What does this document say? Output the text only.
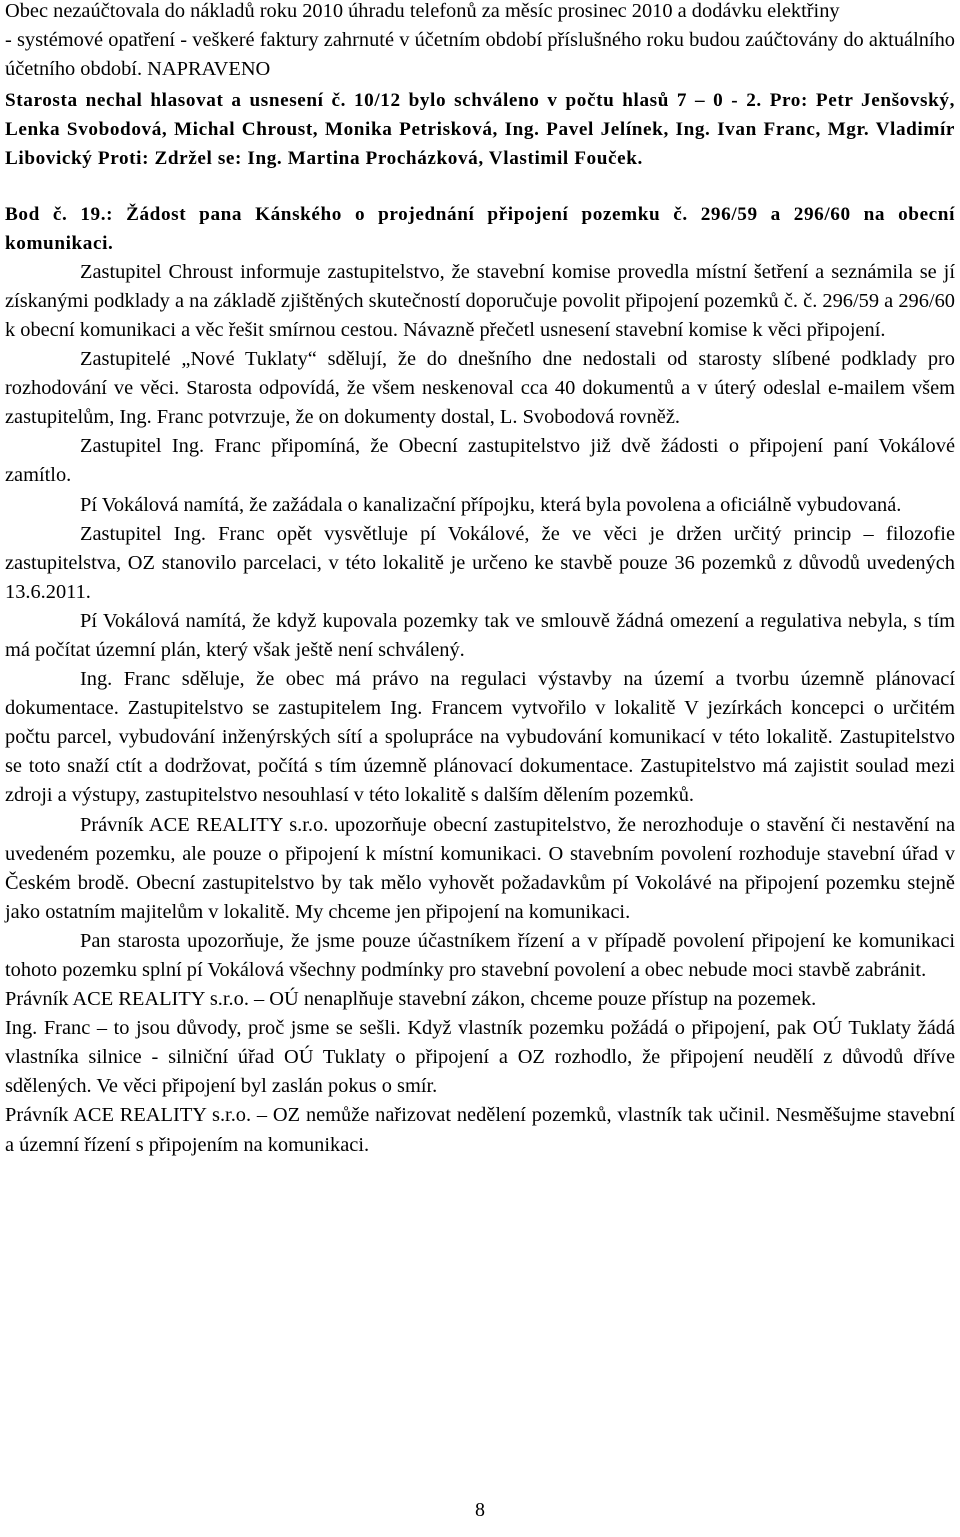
Obec nezaúčtovala do nákladů roku 2010 úhradu telefonů za měsíc prosinec 2010 a dodávku elektřiny

- systémové opatření - veškeré faktury zahrnuté v účetním období příslušného roku budou zaúčtovány do aktuálního účetního období. NAPRAVENO

Starosta nechal hlasovat a usnesení č. 10/12 bylo schváleno v počtu hlasů 7 – 0 - 2. Pro: Petr Jenšovský, Lenka Svobodová, Michal Chroust, Monika Petrisková, Ing. Pavel Jelínek, Ing. Ivan Franc, Mgr. Vladimír Libovický Proti: Zdržel se: Ing. Martina Procházková, Vlastimil Fouček.

Bod č. 19.: Žádost pana Kánského o projednání připojení pozemku č. 296/59 a 296/60 na obecní komunikaci.

Zastupitel Chroust informuje zastupitelstvo, že stavební komise provedla místní šetření a seznámila se jí získanými podklady a na základě zjištěných skutečností doporučuje povolit připojení pozemků č. č. 296/59 a 296/60 k obecní komunikaci a věc řešit smírnou cestou. Návazně přečetl usnesení stavební komise k věci připojení.

Zastupitelé „Nové Tuklaty“ sdělují, že do dnešního dne nedostali od starosty slíbené podklady pro rozhodování ve věci. Starosta odpovídá, že všem neskenoval cca 40 dokumentů a v úterý odeslal e-mailem všem zastupitelům, Ing. Franc potvrzuje, že on dokumenty dostal, L. Svobodová rovněž.

Zastupitel Ing. Franc připomíná, že Obecní zastupitelstvo již dvě žádosti o připojení paní Vokálové zamítlo.

Pí Vokálová namítá, že zažádala o kanalizační přípojku, která byla povolena a oficiálně vybudovaná.

Zastupitel Ing. Franc opět vysvětluje pí Vokálové, že ve věci je držen určitý princip – filozofie zastupitelstva, OZ stanovilo parcelaci, v této lokalitě je určeno ke stavbě pouze 36 pozemků z důvodů uvedených 13.6.2011.

Pí Vokálová namítá, že když kupovala pozemky tak ve smlouvě žádná omezení a regulativa nebyla, s tím má počítat územní plán, který však ještě není schválený.

Ing. Franc sděluje, že obec má právo na regulaci výstavby na území a tvorbu územně plánovací dokumentace. Zastupitelstvo se zastupitelem Ing. Francem vytvořilo v lokalitě V jezírkách koncepci o určitém počtu parcel, vybudování inženýrských sítí a spolupráce na vybudování komunikací v této lokalitě. Zastupitelstvo se toto snaží ctít a dodržovat, počítá s tím územně plánovací dokumentace. Zastupitelstvo má zajistit soulad mezi zdroji a výstupy, zastupitelstvo nesouhlasí v této lokalitě s dalším dělením pozemků.

Právník ACE REALITY s.r.o. upozorňuje obecní zastupitelstvo, že nerozhoduje o stavění či nestavění na uvedeném pozemku, ale pouze o připojení k místní komunikaci. O stavebním povolení rozhoduje stavební úřad v Českém brodě. Obecní zastupitelstvo by tak mělo vyhovět požadavkům pí Vokolávé na připojení pozemku stejně jako ostatním majitelům v lokalitě. My chceme jen připojení na komunikaci.

Pan starosta upozorňuje, že jsme pouze účastníkem řízení a v případě povolení připojení ke komunikaci tohoto pozemku splní pí Vokálová všechny podmínky pro stavební povolení a obec nebude moci stavbě zabránit.

Právník ACE REALITY s.r.o. – OÚ nenaplňuje stavební zákon, chceme pouze přístup na pozemek.

Ing. Franc – to jsou důvody, proč jsme se sešli. Když vlastník pozemku požádá o připojení, pak OÚ Tuklaty žádá vlastníka silnice - silniční úřad OÚ Tuklaty o připojení a OZ rozhodlo, že připojení neudělí z důvodů dříve sdělených. Ve věci připojení byl zaslán pokus o smír.

Právník ACE REALITY s.r.o. – OZ nemůže nařizovat nedělení pozemků, vlastník tak učinil. Nesměšujme stavební a územní řízení s připojením na komunikaci.

8
